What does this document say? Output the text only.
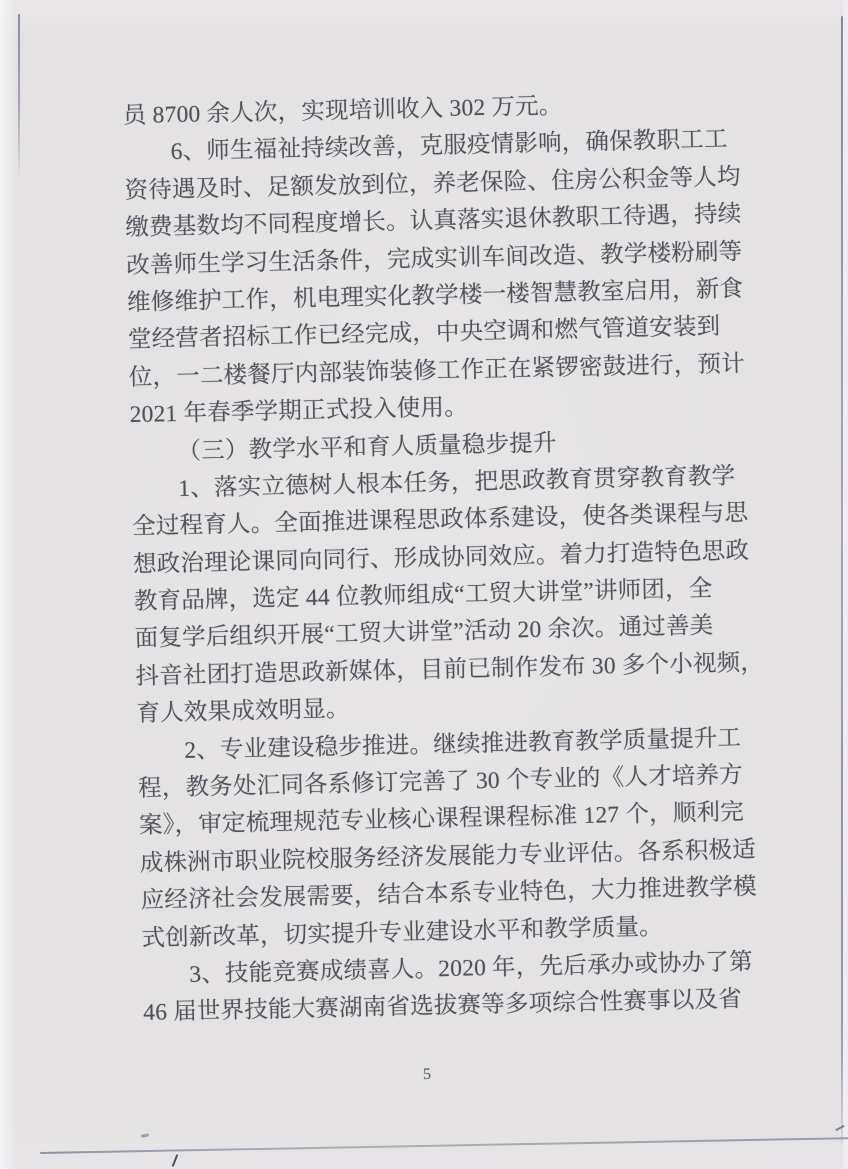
员 8700 余人次，实现培训收入 302 万元。
6、师生福祉持续改善，克服疫情影响，确保教职工工
资待遇及时、足额发放到位，养老保险、住房公积金等人均
缴费基数均不同程度增长。认真落实退休教职工待遇，持续
改善师生学习生活条件，完成实训车间改造、教学楼粉刷等
维修维护工作，机电理实化教学楼一楼智慧教室启用，新食
堂经营者招标工作已经完成，中央空调和燃气管道安装到
位，一二楼餐厅内部装饰装修工作正在紧锣密鼓进行，预计
2021 年春季学期正式投入使用。
（三）教学水平和育人质量稳步提升
1、落实立德树人根本任务，把思政教育贯穿教育教学
全过程育人。全面推进课程思政体系建设，使各类课程与思
想政治理论课同向同行、形成协同效应。着力打造特色思政
教育品牌，选定 44 位教师组成“工贸大讲堂”讲师团，全
面复学后组织开展“工贸大讲堂”活动 20 余次。通过善美
抖音社团打造思政新媒体，目前已制作发布 30 多个小视频，
育人效果成效明显。
2、专业建设稳步推进。继续推进教育教学质量提升工
程，教务处汇同各系修订完善了 30 个专业的《人才培养方
案》，审定梳理规范专业核心课程课程标准 127 个，顺利完
成株洲市职业院校服务经济发展能力专业评估。各系积极适
应经济社会发展需要，结合本系专业特色，大力推进教学模
式创新改革，切实提升专业建设水平和教学质量。
3、技能竞赛成绩喜人。2020 年，先后承办或协办了第
46 届世界技能大赛湖南省选拔赛等多项综合性赛事以及省
5
